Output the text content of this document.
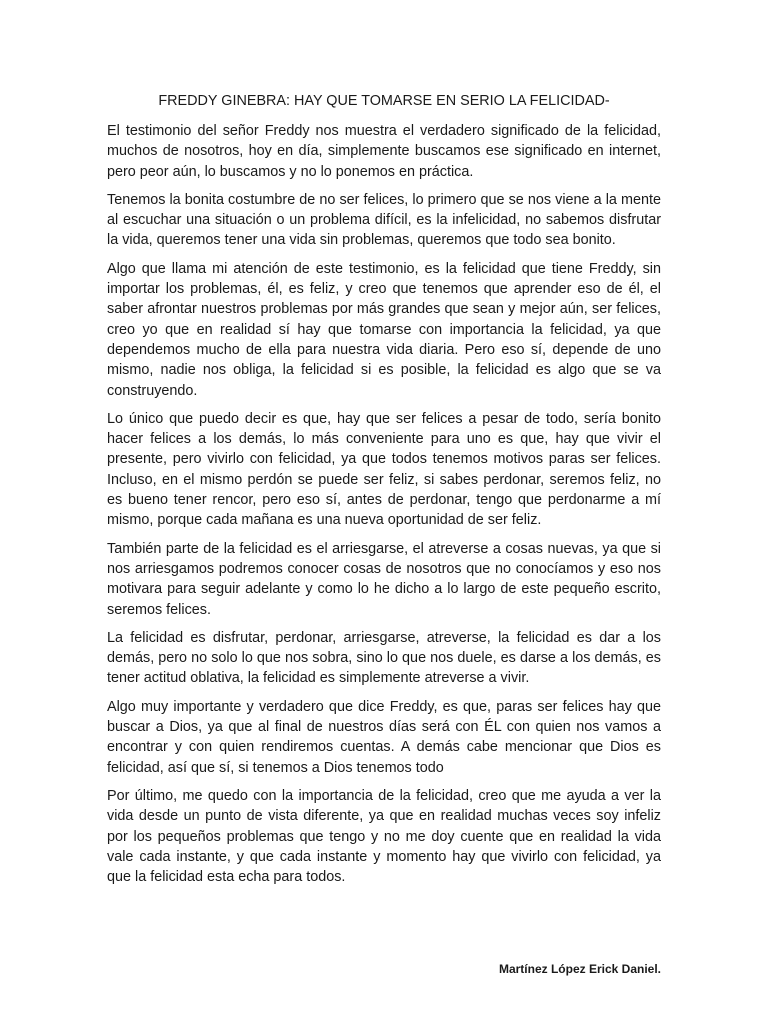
FREDDY GINEBRA: HAY QUE TOMARSE EN SERIO LA FELICIDAD-

El testimonio del señor Freddy nos muestra el verdadero significado de la felicidad, muchos de nosotros, hoy en día, simplemente buscamos ese significado en internet, pero peor aún, lo buscamos y no lo ponemos en práctica.

Tenemos la bonita costumbre de no ser felices, lo primero que se nos viene a la mente al escuchar una situación o un problema difícil, es la infelicidad, no sabemos disfrutar la vida, queremos tener una vida sin problemas, queremos que todo sea bonito.

Algo que llama mi atención de este testimonio, es la felicidad que tiene Freddy, sin importar los problemas, él, es feliz, y creo que tenemos que aprender eso de él, el saber afrontar nuestros problemas por más grandes que sean y mejor aún, ser felices, creo yo que en realidad sí hay que tomarse con importancia la felicidad, ya que dependemos mucho de ella para nuestra vida diaria. Pero eso sí, depende de uno mismo, nadie nos obliga, la felicidad si es posible, la felicidad es algo que se va construyendo.

Lo único que puedo decir es que, hay que ser felices a pesar de todo, sería bonito hacer felices a los demás, lo más conveniente para uno es que, hay que vivir el presente, pero vivirlo con felicidad, ya que todos tenemos motivos paras ser felices. Incluso, en el mismo perdón se puede ser feliz, si sabes perdonar, seremos feliz, no es bueno tener rencor, pero eso sí, antes de perdonar, tengo que perdonarme a mí mismo, porque cada mañana es una nueva oportunidad de ser feliz.

También parte de la felicidad es el arriesgarse, el atreverse a cosas nuevas, ya que si nos arriesgamos podremos conocer cosas de nosotros que no conocíamos y eso nos motivara para seguir adelante y como lo he dicho a lo largo de este pequeño escrito, seremos felices.

La felicidad es disfrutar, perdonar, arriesgarse, atreverse, la felicidad es dar a los demás, pero no solo lo que nos sobra, sino lo que nos duele, es darse a los demás, es tener actitud oblativa, la felicidad es simplemente atreverse a vivir.

Algo muy importante y verdadero que dice Freddy, es que, paras ser felices hay que buscar a Dios, ya que al final de nuestros días será con ÉL con quien nos vamos a encontrar y con quien rendiremos cuentas. A demás cabe mencionar que Dios es felicidad, así que sí, si tenemos a Dios tenemos todo

Por último, me quedo con la importancia de la felicidad, creo que me ayuda a ver la vida desde un punto de vista diferente, ya que en realidad muchas veces soy infeliz por los pequeños problemas que tengo y no me doy cuente que en realidad la vida vale cada instante, y que cada instante y momento hay que vivirlo con felicidad, ya que la felicidad esta echa para todos.

Martínez López Erick Daniel.
